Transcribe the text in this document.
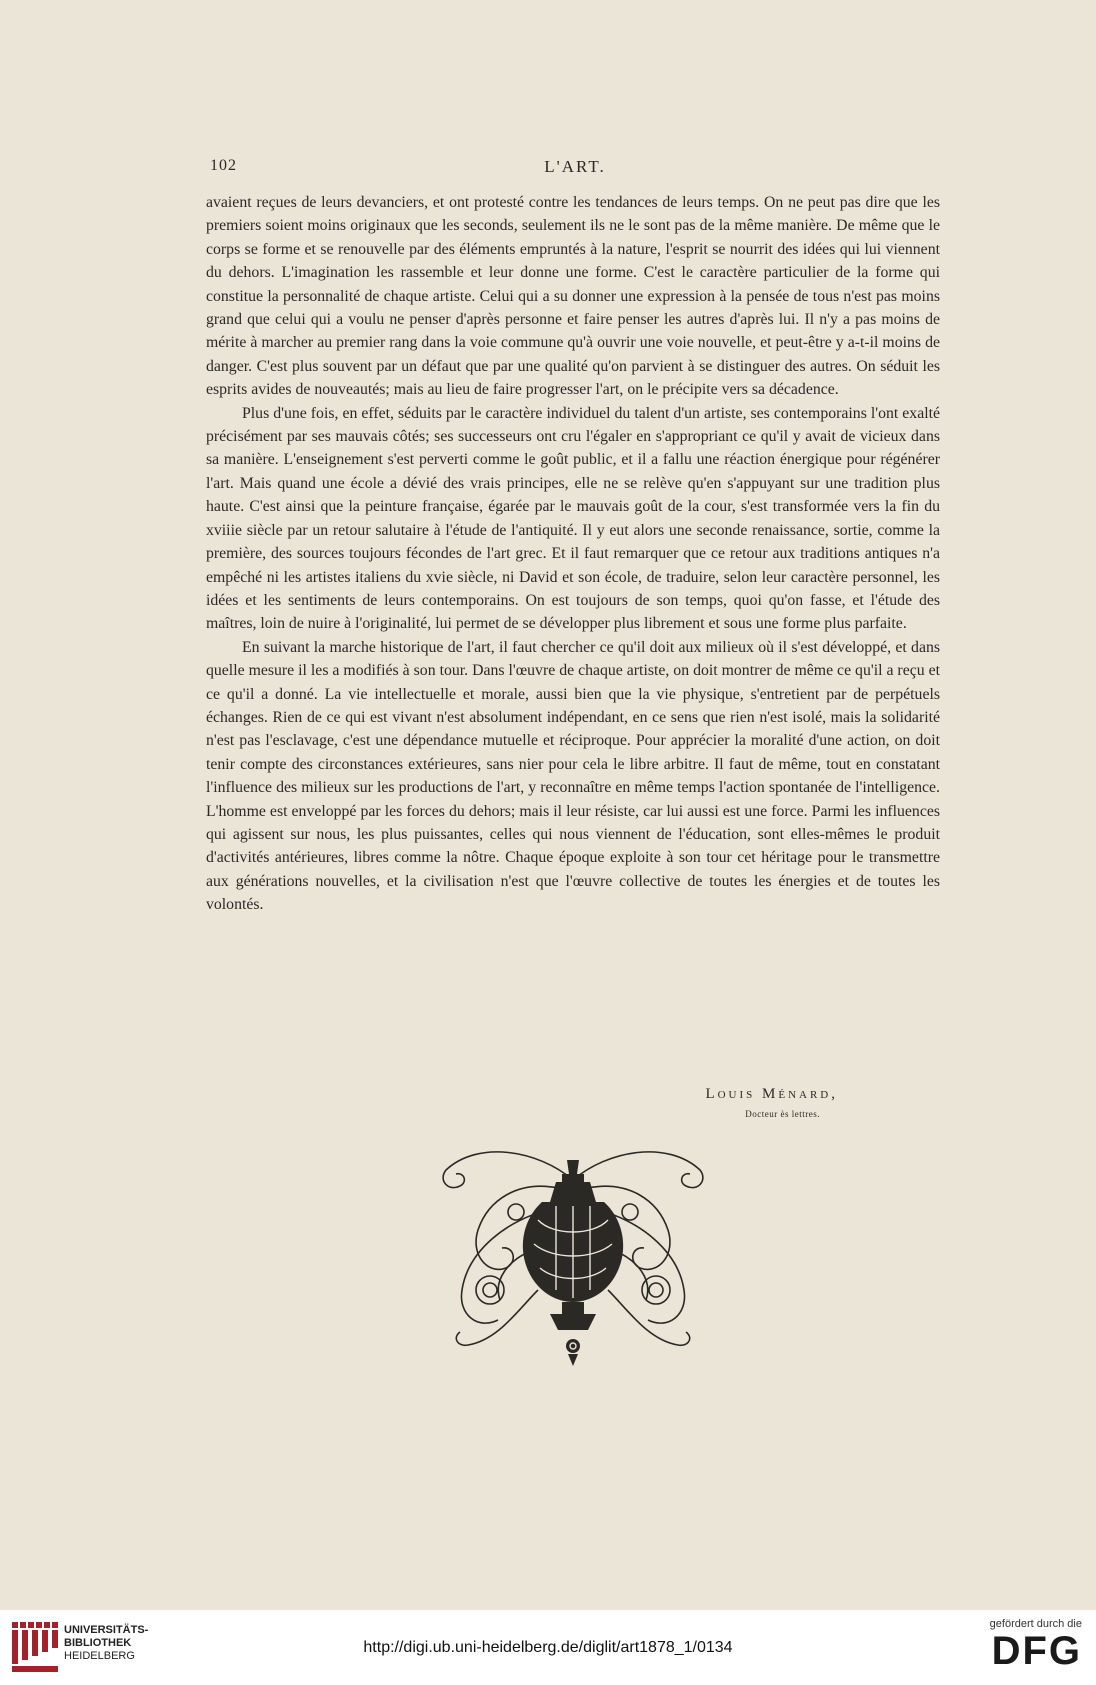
102	L'ART.

avaient reçues de leurs devanciers, et ont protesté contre les tendances de leurs temps. On ne peut pas dire que les premiers soient moins originaux que les seconds, seulement ils ne le sont pas de la même manière. De même que le corps se forme et se renouvelle par des éléments empruntés à la nature, l'esprit se nourrit des idées qui lui viennent du dehors. L'imagination les rassemble et leur donne une forme. C'est le caractère particulier de la forme qui constitue la personnalité de chaque artiste. Celui qui a su donner une expression à la pensée de tous n'est pas moins grand que celui qui a voulu ne penser d'après personne et faire penser les autres d'après lui. Il n'y a pas moins de mérite à marcher au premier rang dans la voie commune qu'à ouvrir une voie nouvelle, et peut-être y a-t-il moins de danger. C'est plus souvent par un défaut que par une qualité qu'on parvient à se distinguer des autres. On séduit les esprits avides de nouveautés; mais au lieu de faire progresser l'art, on le précipite vers sa décadence.

Plus d'une fois, en effet, séduits par le caractère individuel du talent d'un artiste, ses contemporains l'ont exalté précisément par ses mauvais côtés; ses successeurs ont cru l'égaler en s'appropriant ce qu'il y avait de vicieux dans sa manière. L'enseignement s'est perverti comme le goût public, et il a fallu une réaction énergique pour régénérer l'art. Mais quand une école a dévié des vrais principes, elle ne se relève qu'en s'appuyant sur une tradition plus haute. C'est ainsi que la peinture française, égarée par le mauvais goût de la cour, s'est transformée vers la fin du xviiie siècle par un retour salutaire à l'étude de l'antiquité. Il y eut alors une seconde renaissance, sortie, comme la première, des sources toujours fécondes de l'art grec. Et il faut remarquer que ce retour aux traditions antiques n'a empêché ni les artistes italiens du xvie siècle, ni David et son école, de traduire, selon leur caractère personnel, les idées et les sentiments de leurs contemporains. On est toujours de son temps, quoi qu'on fasse, et l'étude des maîtres, loin de nuire à l'originalité, lui permet de se développer plus librement et sous une forme plus parfaite.

En suivant la marche historique de l'art, il faut chercher ce qu'il doit aux milieux où il s'est développé, et dans quelle mesure il les a modifiés à son tour. Dans l'œuvre de chaque artiste, on doit montrer de même ce qu'il a reçu et ce qu'il a donné. La vie intellectuelle et morale, aussi bien que la vie physique, s'entretient par de perpétuels échanges. Rien de ce qui est vivant n'est absolument indépendant, en ce sens que rien n'est isolé, mais la solidarité n'est pas l'esclavage, c'est une dépendance mutuelle et réciproque. Pour apprécier la moralité d'une action, on doit tenir compte des circonstances extérieures, sans nier pour cela le libre arbitre. Il faut de même, tout en constatant l'influence des milieux sur les productions de l'art, y reconnaître en même temps l'action spontanée de l'intelligence. L'homme est enveloppé par les forces du dehors; mais il leur résiste, car lui aussi est une force. Parmi les influences qui agissent sur nous, les plus puissantes, celles qui nous viennent de l'éducation, sont elles-mêmes le produit d'activités antérieures, libres comme la nôtre. Chaque époque exploite à son tour cet héritage pour le transmettre aux générations nouvelles, et la civilisation n'est que l'œuvre collective de toutes les énergies et de toutes les volontés.

Louis Ménard,
Docteur ès lettres.
UNIVERSITÄTS-
BIBLIOTHEK
HEIDELBERG	http://digi.ub.uni-heidelberg.de/diglit/art1878_1/0134
gefördert durch die
DFG
